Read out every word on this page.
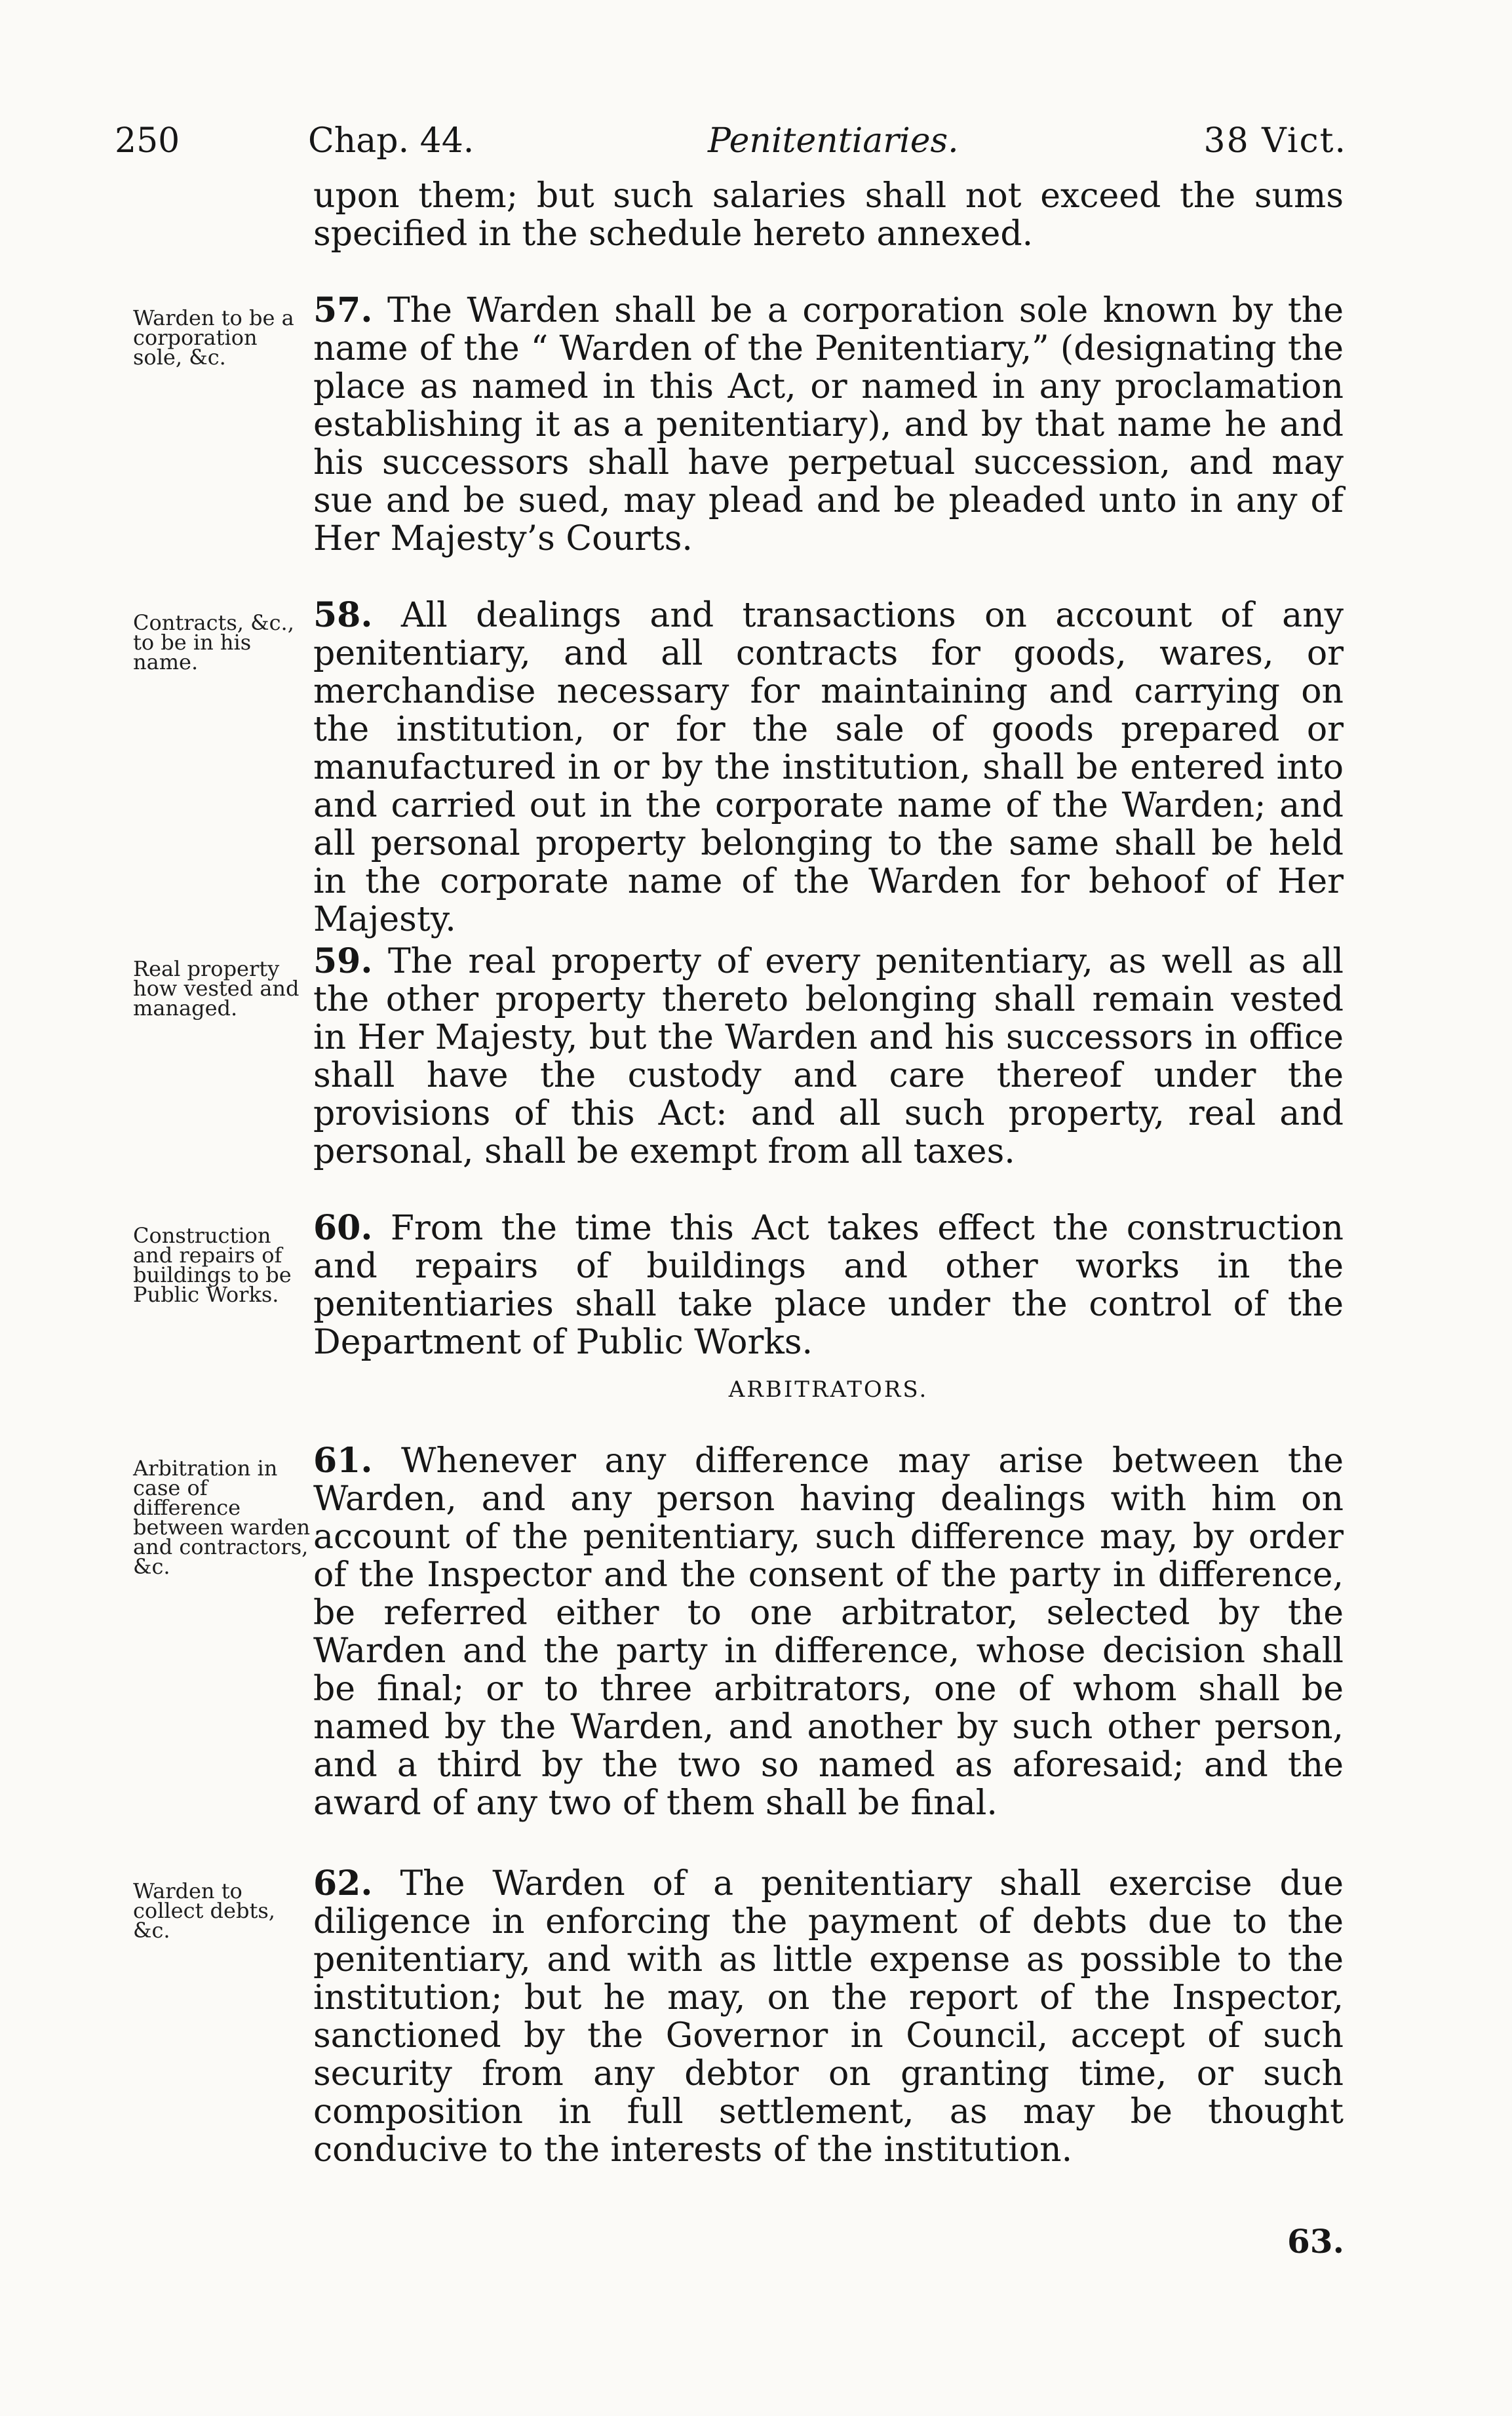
250	Chap. 44.	Penitentiaries.	38 Vict.
upon them; but such salaries shall not exceed the sums specified in the schedule hereto annexed.
Warden to be a corporation sole, &c.
57. The Warden shall be a corporation sole known by the name of the “ Warden of the Penitentiary,” (designating the place as named in this Act, or named in any proclamation establishing it as a penitentiary), and by that name he and his successors shall have perpetual succession, and may sue and be sued, may plead and be pleaded unto in any of Her Majesty’s Courts.
Contracts, &c., to be in his name.
58. All dealings and transactions on account of any penitentiary, and all contracts for goods, wares, or merchandise necessary for maintaining and carrying on the institution, or for the sale of goods prepared or manufactured in or by the institution, shall be entered into and carried out in the corporate name of the Warden; and all personal property belonging to the same shall be held in the corporate name of the Warden for behoof of Her Majesty.
Real property how vested and managed.
59. The real property of every penitentiary, as well as all the other property thereto belonging shall remain vested in Her Majesty, but the Warden and his successors in office shall have the custody and care thereof under the provisions of this Act: and all such property, real and personal, shall be exempt from all taxes.
Construction and repairs of buildings to be Public Works.
60. From the time this Act takes effect the construction and repairs of buildings and other works in the penitentiaries shall take place under the control of the Department of Public Works.
ARBITRATORS.
Arbitration in case of difference between warden and contractors, &c.
61. Whenever any difference may arise between the Warden, and any person having dealings with him on account of the penitentiary, such difference may, by order of the Inspector and the consent of the party in difference, be referred either to one arbitrator, selected by the Warden and the party in difference, whose decision shall be final; or to three arbitrators, one of whom shall be named by the Warden, and another by such other person, and a third by the two so named as aforesaid; and the award of any two of them shall be final.
Warden to collect debts, &c.
62. The Warden of a penitentiary shall exercise due diligence in enforcing the payment of debts due to the penitentiary, and with as little expense as possible to the institution; but he may, on the report of the Inspector, sanctioned by the Governor in Council, accept of such security from any debtor on granting time, or such composition in full settlement, as may be thought conducive to the interests of the institution.
63.
